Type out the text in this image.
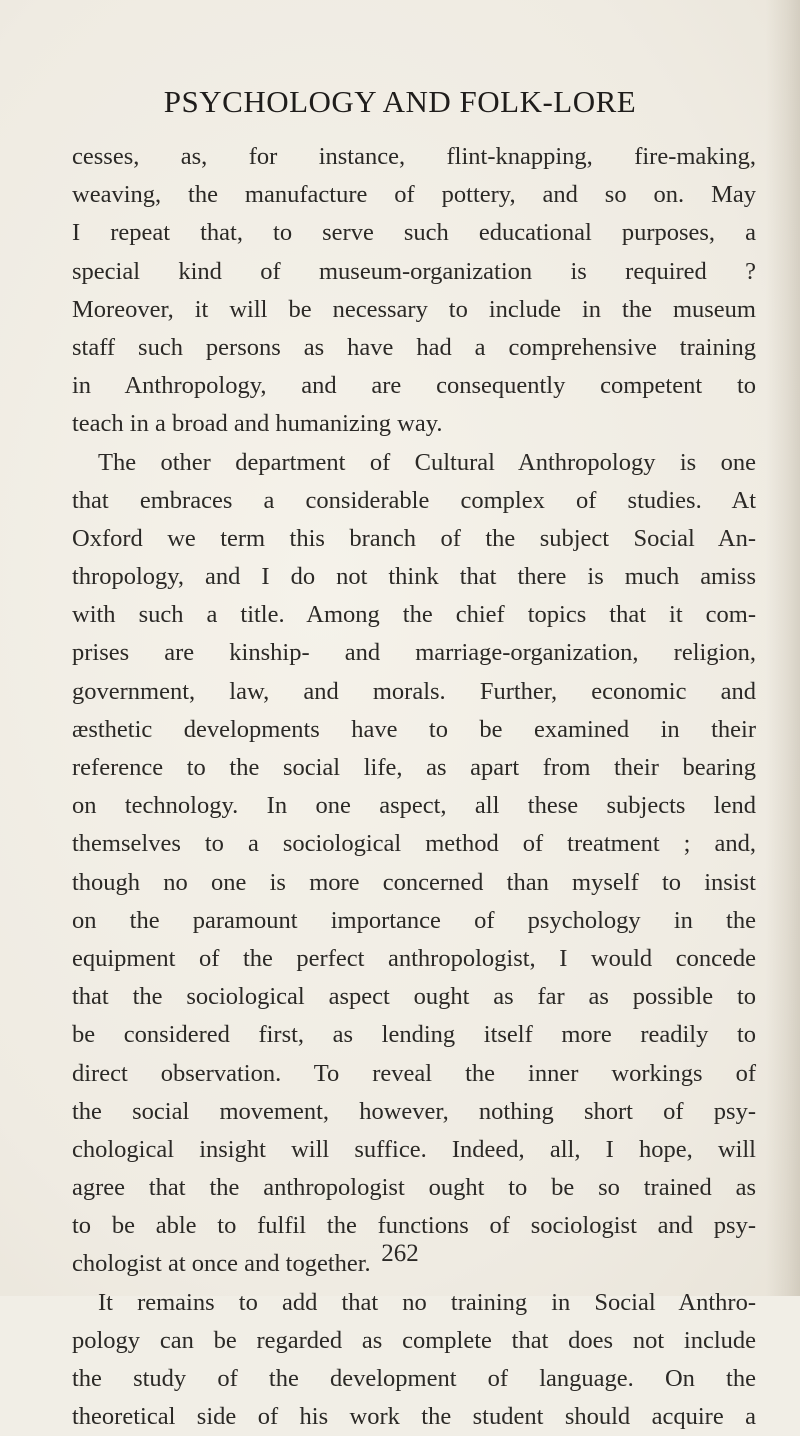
PSYCHOLOGY AND FOLK-LORE
cesses, as, for instance, flint-knapping, fire-making,
weaving, the manufacture of pottery, and so on. May
I repeat that, to serve such educational purposes, a
special kind of museum-organization is required ?
Moreover, it will be necessary to include in the museum
staff such persons as have had a comprehensive training
in Anthropology, and are consequently competent to
teach in a broad and humanizing way.
The other department of Cultural Anthropology is one
that embraces a considerable complex of studies. At
Oxford we term this branch of the subject Social An-
thropology, and I do not think that there is much amiss
with such a title. Among the chief topics that it com-
prises are kinship- and marriage-organization, religion,
government, law, and morals. Further, economic and
æsthetic developments have to be examined in their
reference to the social life, as apart from their bearing
on technology. In one aspect, all these subjects lend
themselves to a sociological method of treatment ; and,
though no one is more concerned than myself to insist
on the paramount importance of psychology in the
equipment of the perfect anthropologist, I would concede
that the sociological aspect ought as far as possible to
be considered first, as lending itself more readily to
direct observation. To reveal the inner workings of
the social movement, however, nothing short of psy-
chological insight will suffice. Indeed, all, I hope, will
agree that the anthropologist ought to be so trained as
to be able to fulfil the functions of sociologist and psy-
chologist at once and together.
It remains to add that no training in Social Anthro-
pology can be regarded as complete that does not include
the study of the development of language. On the
theoretical side of his work the student should acquire a
262
